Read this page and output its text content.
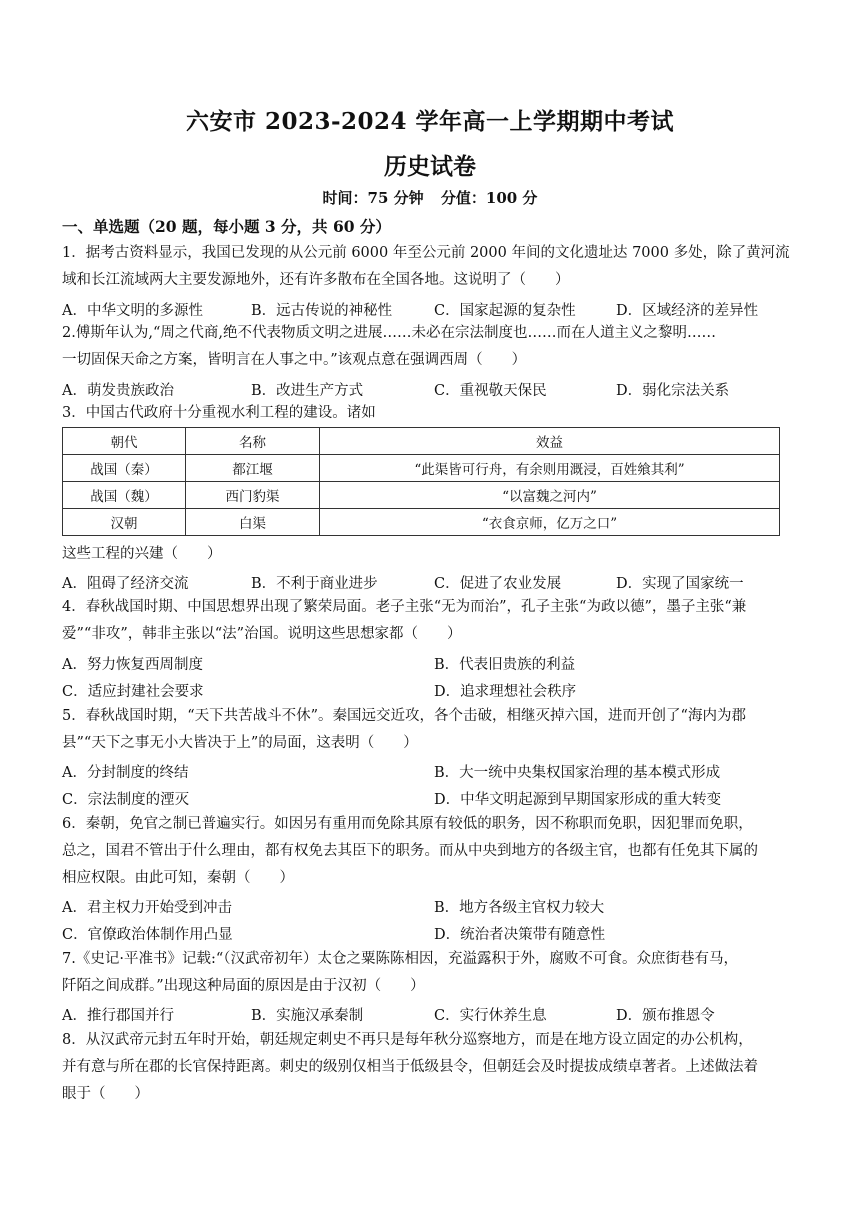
六安市 2023-2024 学年高一上学期期中考试
历史试卷
时间：75 分钟 分值：100 分
一、单选题（20 题，每小题 3 分，共 60 分）
1．据考古资料显示，我国已发现的从公元前 6000 年至公元前 2000 年间的文化遗址达 7000 多处，除了黄河流
域和长江流域两大主要发源地外，还有许多散布在全国各地。这说明了（　　）
A．中华文明的多源性	B．远古传说的神秘性	C．国家起源的复杂性	D．区域经济的差异性
2.傅斯年认为,“周之代商,绝不代表物质文明之进展……未必在宗法制度也……而在人道主义之黎明……
一切固保天命之方案，皆明言在人事之中。”该观点意在强调西周（　　）
A．萌发贵族政治	B．改进生产方式	C．重视敬天保民	D．弱化宗法关系
3．中国古代政府十分重视水利工程的建设。诸如
朝代	名称	效益
战国（秦）	都江堰	“此渠皆可行舟，有余则用溉浸，百姓飨其利”
战国（魏）	西门豹渠	“以富魏之河内”
汉朝	白渠	“衣食京师，亿万之口”
这些工程的兴建（　　）
A．阻碍了经济交流	B．不利于商业进步	C．促进了农业发展	D．实现了国家统一
4．春秋战国时期、中国思想界出现了繁荣局面。老子主张“无为而治”，孔子主张“为政以德”，墨子主张“兼
爱”“非攻”，韩非主张以“法”治国。说明这些思想家都（　　）
A．努力恢复西周制度	B．代表旧贵族的利益
C．适应封建社会要求	D．追求理想社会秩序
5．春秋战国时期，“天下共苦战斗不休”。秦国远交近攻，各个击破，相继灭掉六国，进而开创了“海内为郡
县”“天下之事无小大皆决于上”的局面，这表明（　　）
A．分封制度的终结	B．大一统中央集权国家治理的基本模式形成
C．宗法制度的湮灭	D．中华文明起源到早期国家形成的重大转变
6．秦朝，免官之制已普遍实行。如因另有重用而免除其原有较低的职务，因不称职而免职，因犯罪而免职，
总之，国君不管出于什么理由，都有权免去其臣下的职务。而从中央到地方的各级主官，也都有任免其下属的
相应权限。由此可知，秦朝（　　）
A．君主权力开始受到冲击	B．地方各级主官权力较大
C．官僚政治体制作用凸显	D．统治者决策带有随意性
7.《史记·平准书》记载:“（汉武帝初年）太仓之粟陈陈相因，充溢露积于外，腐败不可食。众庶街巷有马，
阡陌之间成群。”出现这种局面的原因是由于汉初（　　）
A．推行郡国并行	B．实施汉承秦制	C．实行休养生息	D．颁布推恩令
8．从汉武帝元封五年时开始，朝廷规定刺史不再只是每年秋分巡察地方，而是在地方设立固定的办公机构，
并有意与所在郡的长官保持距离。刺史的级别仅相当于低级县令，但朝廷会及时提拔成绩卓著者。上述做法着
眼于（　　）
